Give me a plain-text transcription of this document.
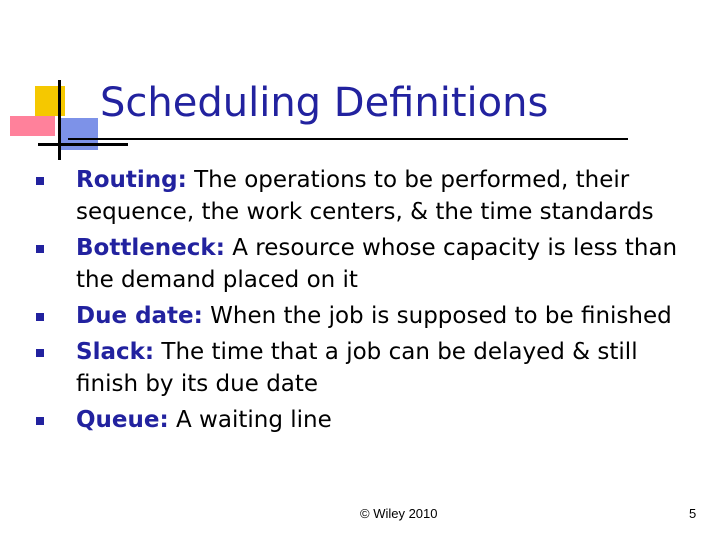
Scheduling Definitions
Routing: The operations to be performed, their sequence, the work centers, & the time standards
Bottleneck: A resource whose capacity is less than the demand placed on it
Due date: When the job is supposed to be finished
Slack: The time that a job can be delayed & still finish by its due date
Queue: A waiting line
© Wiley 2010	5
